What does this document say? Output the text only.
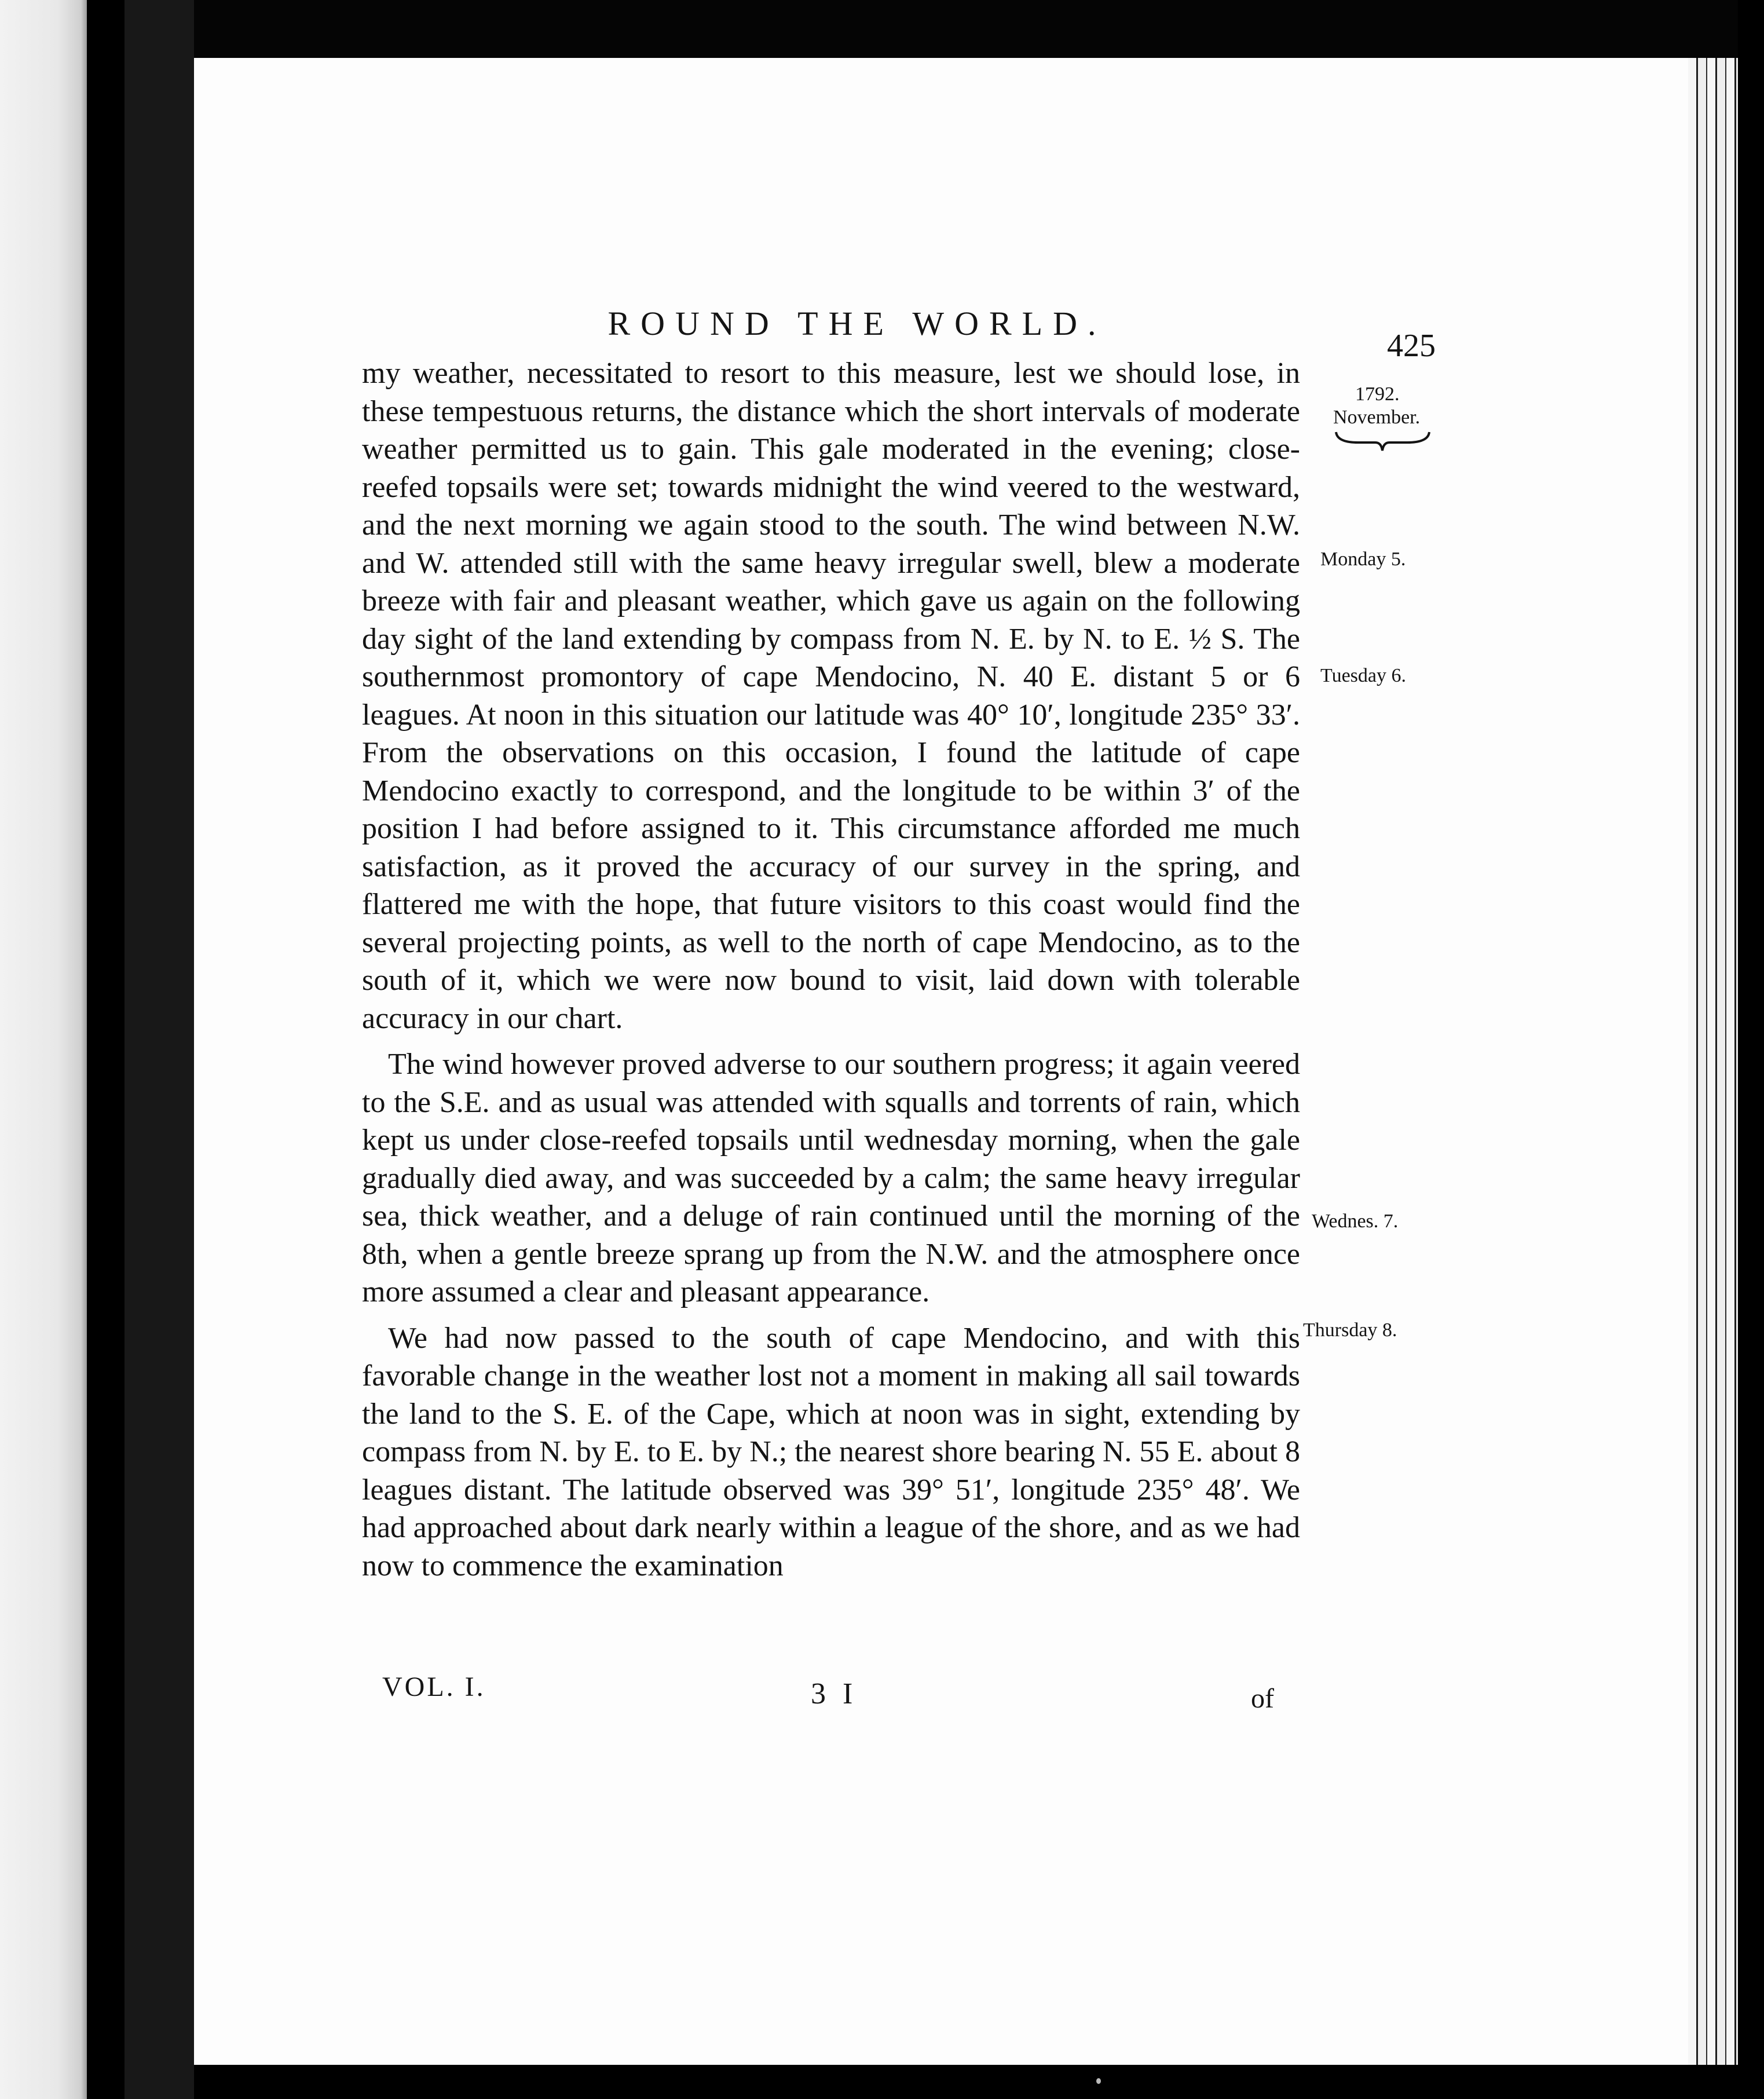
ROUND THE WORLD.
425
1792.
November.
Monday 5.
Tuesday 6.
Wednes. 7.
Thursday 8.

my weather, necessitated to resort to this measure, lest we should lose, in these tempestuous returns, the distance which the short intervals of moderate weather permitted us to gain. This gale moderated in the evening; close-reefed topsails were set; towards midnight the wind veered to the westward, and the next morning we again stood to the south. The wind between N.W. and W. attended still with the same heavy irregular swell, blew a moderate breeze with fair and pleasant weather, which gave us again on the following day sight of the land extending by compass from N. E. by N. to E. ½ S. The southernmost promontory of cape Mendocino, N. 40 E. distant 5 or 6 leagues. At noon in this situation our latitude was 40° 10′, longitude 235° 33′. From the observations on this occasion, I found the latitude of cape Mendocino exactly to correspond, and the longitude to be within 3′ of the position I had before assigned to it. This circumstance afforded me much satisfaction, as it proved the accuracy of our survey in the spring, and flattered me with the hope, that future visitors to this coast would find the several projecting points, as well to the north of cape Mendocino, as to the south of it, which we were now bound to visit, laid down with tolerable accuracy in our chart.

The wind however proved adverse to our southern progress; it again veered to the S.E. and as usual was attended with squalls and torrents of rain, which kept us under close-reefed topsails until wednesday morning, when the gale gradually died away, and was succeeded by a calm; the same heavy irregular sea, thick weather, and a deluge of rain continued until the morning of the 8th, when a gentle breeze sprang up from the N.W. and the atmosphere once more assumed a clear and pleasant appearance.

We had now passed to the south of cape Mendocino, and with this favorable change in the weather lost not a moment in making all sail towards the land to the S. E. of the Cape, which at noon was in sight, extending by compass from N. by E. to E. by N.; the nearest shore bearing N. 55 E. about 8 leagues distant. The latitude observed was 39° 51′, longitude 235° 48′. We had approached about dark nearly within a league of the shore, and as we had now to commence the examination

VOL. I.	3 I	of
